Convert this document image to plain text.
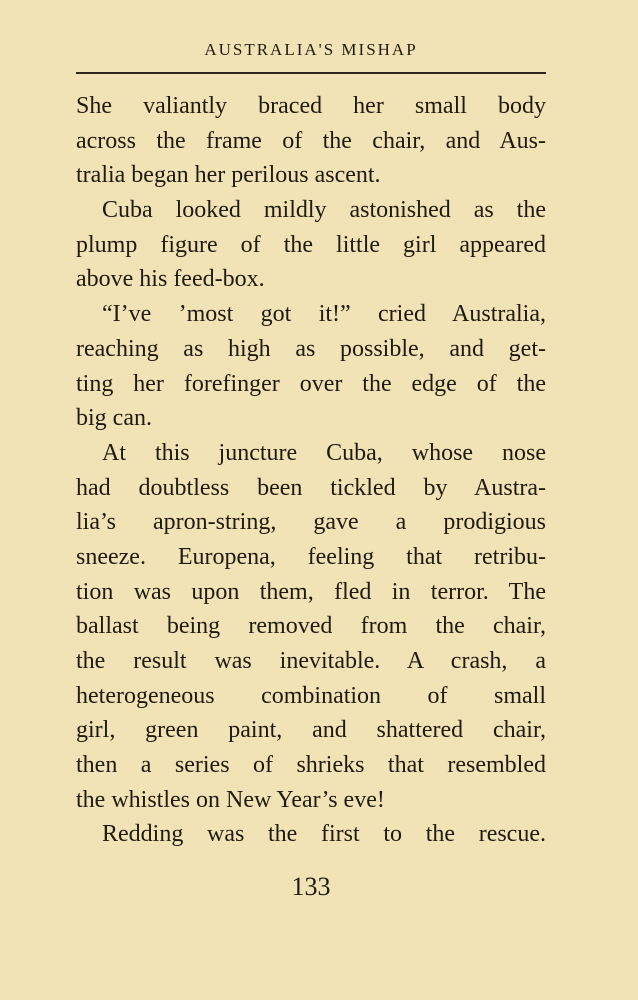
AUSTRALIA'S MISHAP
She valiantly braced her small body
across the frame of the chair, and Aus-
tralia began her perilous ascent.
Cuba looked mildly astonished as the
plump figure of the little girl appeared
above his feed-box.
“I’ve ’most got it!” cried Australia,
reaching as high as possible, and get-
ting her forefinger over the edge of the
big can.
At this juncture Cuba, whose nose
had doubtless been tickled by Austra-
lia’s apron-string, gave a prodigious
sneeze. Europena, feeling that retribu-
tion was upon them, fled in terror. The
ballast being removed from the chair,
the result was inevitable. A crash, a
heterogeneous combination of small
girl, green paint, and shattered chair,
then a series of shrieks that resembled
the whistles on New Year’s eve!
Redding was the first to the rescue.
133
